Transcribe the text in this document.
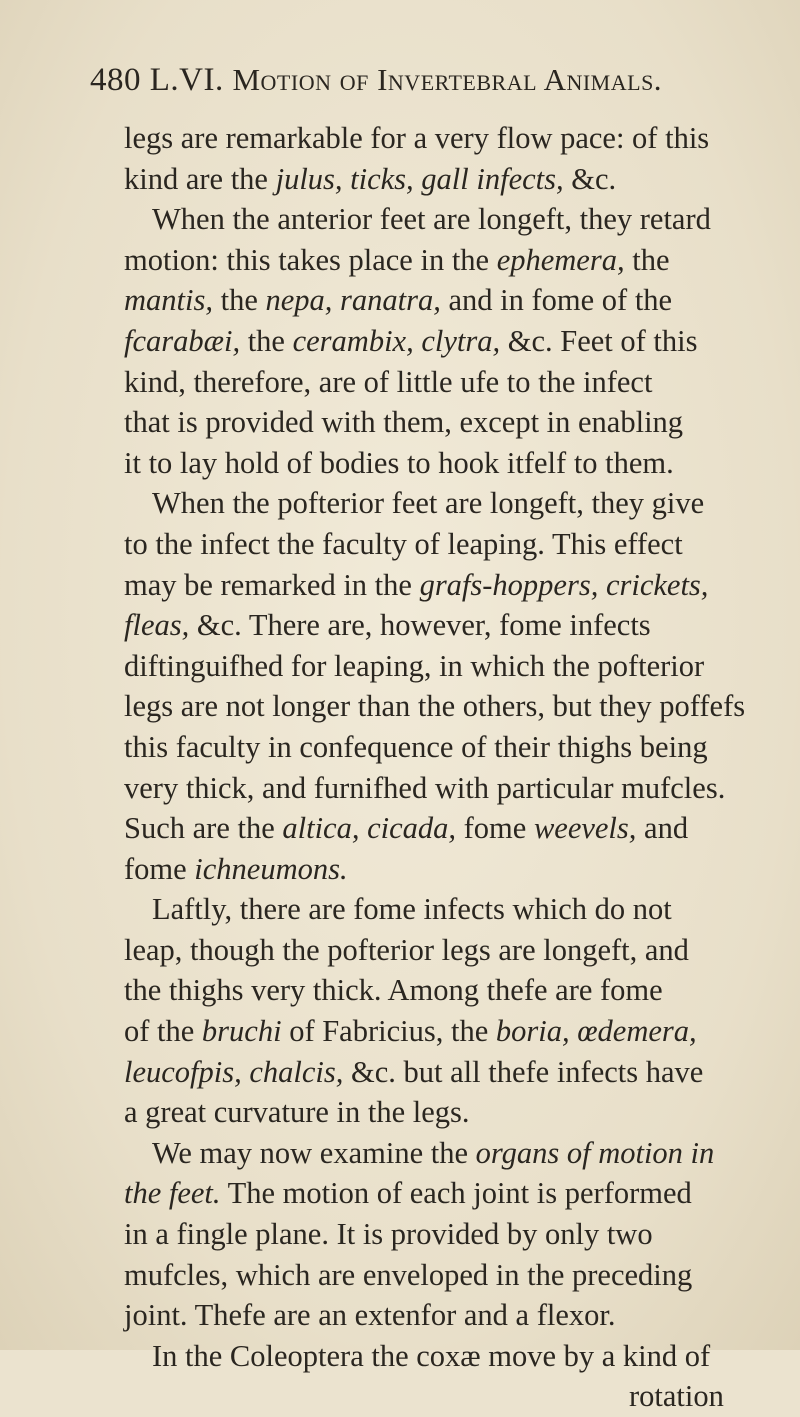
480 L.VI. Motion of Invertebral Animals.
legs are remarkable for a very flow pace: of this
kind are the julus, ticks, gall infects, &c.
When the anterior feet are longeft, they retard
motion: this takes place in the ephemera, the
mantis, the nepa, ranatra, and in fome of the
fcarabæi, the cerambix, clytra, &c. Feet of this
kind, therefore, are of little ufe to the infect
that is provided with them, except in enabling
it to lay hold of bodies to hook itfelf to them.
When the pofterior feet are longeft, they give
to the infect the faculty of leaping. This effect
may be remarked in the grafs-hoppers, crickets,
fleas, &c. There are, however, fome infects
diftinguifhed for leaping, in which the pofterior
legs are not longer than the others, but they poffefs
this faculty in confequence of their thighs being
very thick, and furnifhed with particular mufcles.
Such are the altica, cicada, fome weevels, and
fome ichneumons.
Laftly, there are fome infects which do not
leap, though the pofterior legs are longeft, and
the thighs very thick. Among thefe are fome
of the bruchi of Fabricius, the boria, œdemera,
leucofpis, chalcis, &c. but all thefe infects have
a great curvature in the legs.
We may now examine the organs of motion in
the feet. The motion of each joint is performed
in a fingle plane. It is provided by only two
mufcles, which are enveloped in the preceding
joint. Thefe are an extenfor and a flexor.
In the Coleoptera the coxæ move by a kind of
rotation
